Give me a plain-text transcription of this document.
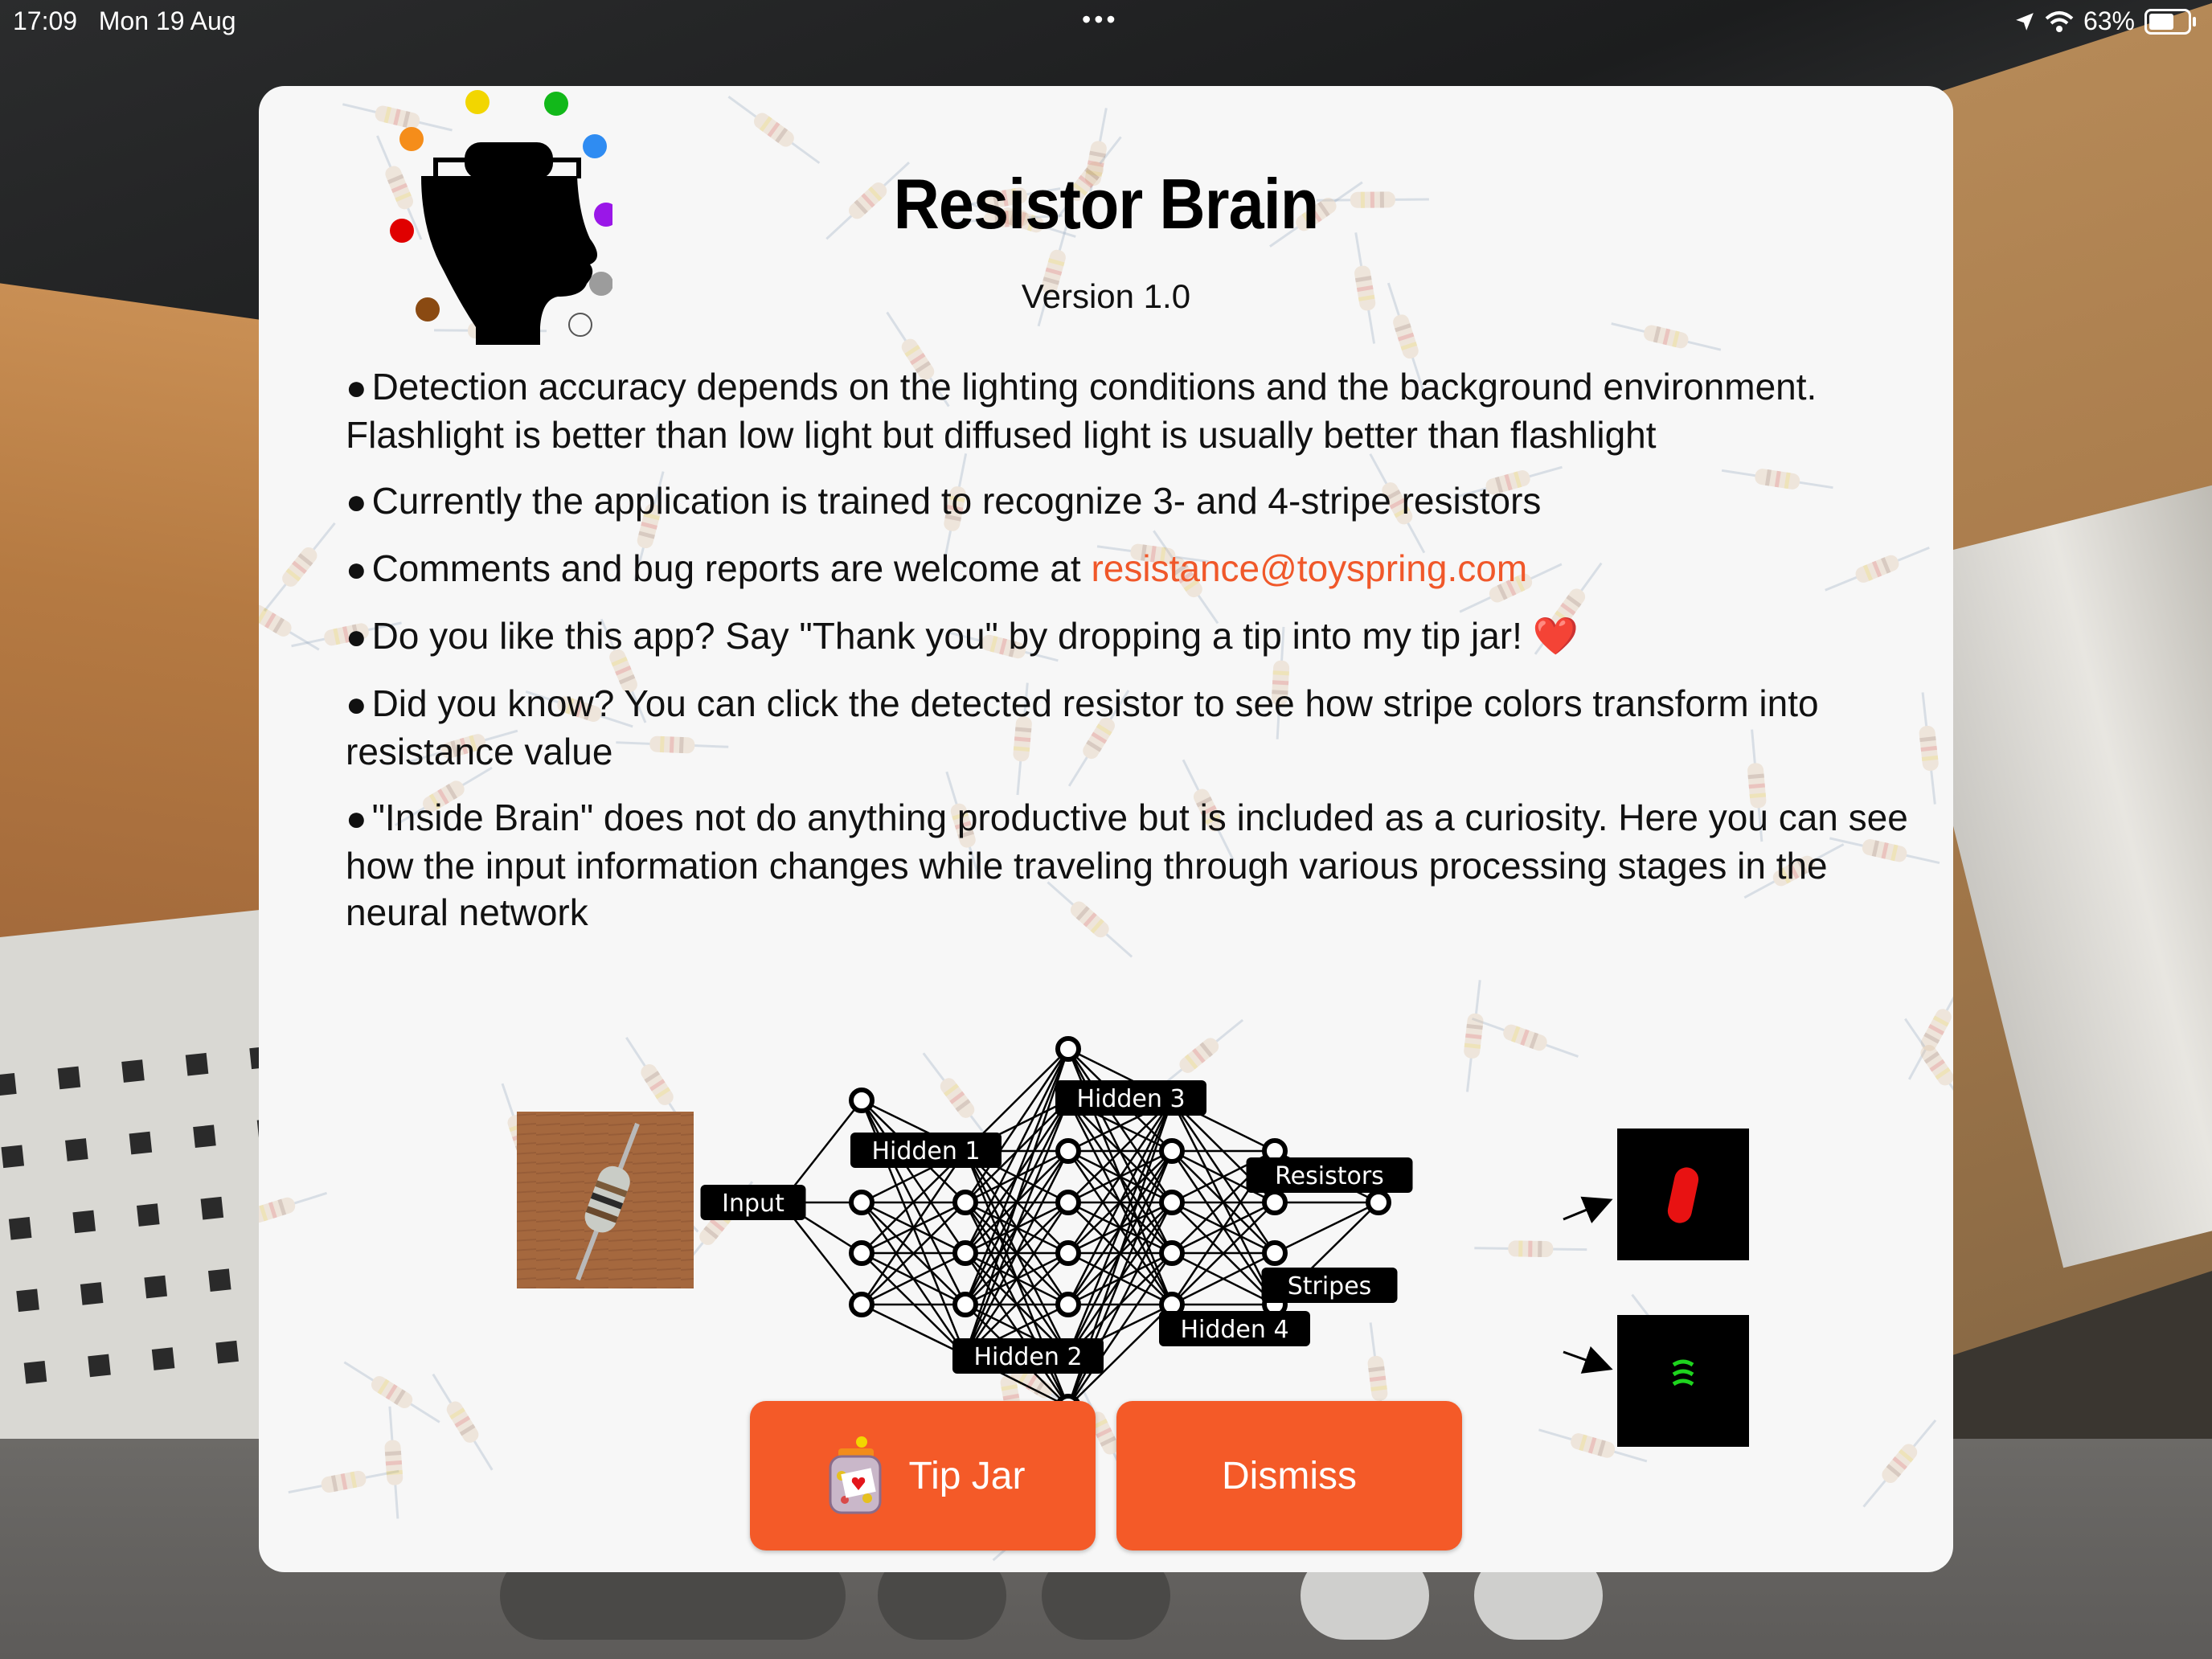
17:09 Mon 19 Aug	•••	63%
Resistor Brain
Version 1.0

● Detection accuracy depends on the lighting conditions and the background environment. Flashlight is better than low light but diffused light is usually better than flashlight

● Currently the application is trained to recognize 3- and 4-stripe resistors

● Comments and bug reports are welcome at resistance@toyspring.com

● Do you like this app? Say "Thank you" by dropping a tip into my tip jar! ❤️

● Did you know? You can click the detected resistor to see how stripe colors transform into resistance value

● "Inside Brain" does not do anything productive but is included as a curiosity. Here you can see how the input information changes while traveling through various processing stages in the neural network

Input
Hidden 1
Hidden 2
Hidden 3
Hidden 4
Resistors
Stripes
Tip Jar	Dismiss
